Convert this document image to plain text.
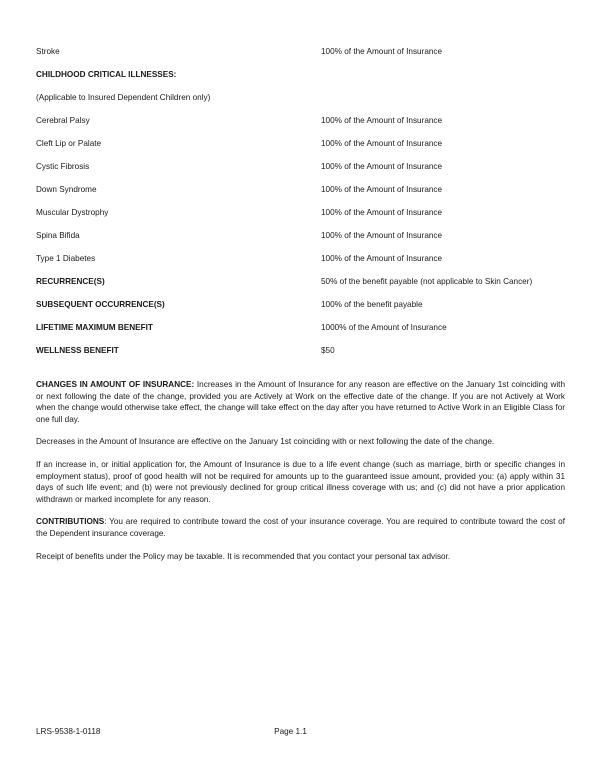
Stroke	100% of the Amount of Insurance
CHILDHOOD CRITICAL ILLNESSES:	
(Applicable to Insured Dependent Children only)	
Cerebral Palsy	100% of the Amount of Insurance
Cleft Lip or Palate	100% of the Amount of Insurance
Cystic Fibrosis	100% of the Amount of Insurance
Down Syndrome	100% of the Amount of Insurance
Muscular Dystrophy	100% of the Amount of Insurance
Spina Bifida	100% of the Amount of Insurance
Type 1 Diabetes	100% of the Amount of Insurance
RECURRENCE(S)	50% of the benefit payable (not applicable to Skin Cancer)
SUBSEQUENT OCCURRENCE(S)	100% of the benefit payable
LIFETIME MAXIMUM BENEFIT	1000% of the Amount of Insurance
WELLNESS BENEFIT	$50

CHANGES IN AMOUNT OF INSURANCE: Increases in the Amount of Insurance for any reason are effective on the January 1st coinciding with or next following the date of the change, provided you are Actively at Work on the effective date of the change. If you are not Actively at Work when the change would otherwise take effect, the change will take effect on the day after you have returned to Active Work in an Eligible Class for one full day.

Decreases in the Amount of Insurance are effective on the January 1st coinciding with or next following the date of the change.

If an increase in, or initial application for, the Amount of Insurance is due to a life event change (such as marriage, birth or specific changes in employment status), proof of good health will not be required for amounts up to the guaranteed issue amount, provided you: (a) apply within 31 days of such life event; and (b) were not previously declined for group critical illness coverage with us; and (c) did not have a prior application withdrawn or marked incomplete for any reason.

CONTRIBUTIONS: You are required to contribute toward the cost of your insurance coverage. You are required to contribute toward the cost of the Dependent insurance coverage.

Receipt of benefits under the Policy may be taxable. It is recommended that you contact your personal tax advisor.

LRS-9538-1-0118	Page 1.1
